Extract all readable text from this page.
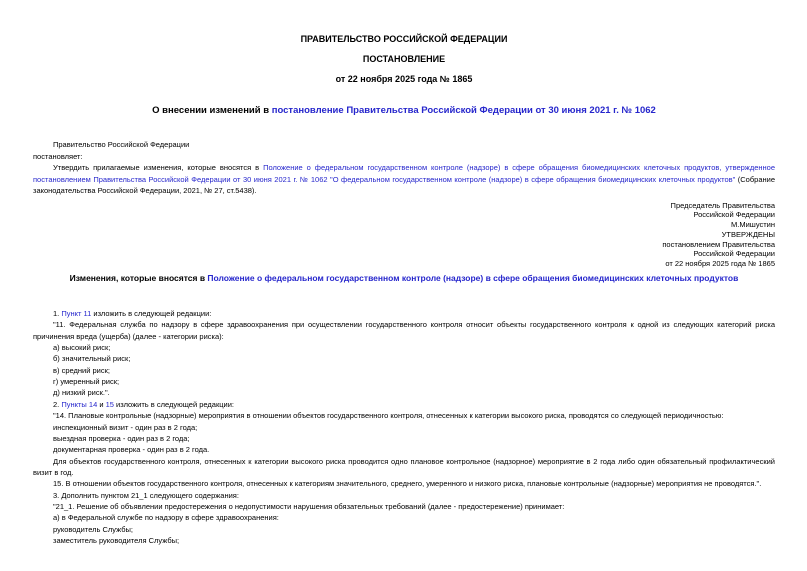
ПРАВИТЕЛЬСТВО РОССИЙСКОЙ ФЕДЕРАЦИИ
ПОСТАНОВЛЕНИЕ
от 22 ноября 2025 года № 1865
О внесении изменений в постановление Правительства Российской Федерации от 30 июня 2021 г. № 1062
Правительство Российской Федерации
постановляет:
Утвердить прилагаемые изменения, которые вносятся в Положение о федеральном государственном контроле (надзоре) в сфере обращения биомедицинских клеточных продуктов, утвержденное постановлением Правительства Российской Федерации от 30 июня 2021 г. № 1062 "О федеральном государственном контроле (надзоре) в сфере обращения биомедицинских клеточных продуктов" (Собрание законодательства Российской Федерации, 2021, № 27, ст.5438).
Председатель Правительства
Российской Федерации
М.Мишустин
УТВЕРЖДЕНЫ
постановлением Правительства
Российской Федерации
от 22 ноября 2025 года № 1865
Изменения, которые вносятся в Положение о федеральном государственном контроле (надзоре) в сфере обращения биомедицинских клеточных продуктов
1. Пункт 11 изложить в следующей редакции:
"11. Федеральная служба по надзору в сфере здравоохранения при осуществлении государственного контроля относит объекты государственного контроля к одной из следующих категорий риска причинения вреда (ущерба) (далее - категории риска):
а) высокий риск;
б) значительный риск;
в) средний риск;
г) умеренный риск;
д) низкий риск.".
2. Пункты 14 и 15 изложить в следующей редакции:
"14. Плановые контрольные (надзорные) мероприятия в отношении объектов государственного контроля, отнесенных к категории высокого риска, проводятся со следующей периодичностью:
инспекционный визит - один раз в 2 года;
выездная проверка - один раз в 2 года;
документарная проверка - один раз в 2 года.
Для объектов государственного контроля, отнесенных к категории высокого риска проводится одно плановое контрольное (надзорное) мероприятие в 2 года либо один обязательный профилактический визит в год.
15. В отношении объектов государственного контроля, отнесенных к категориям значительного, среднего, умеренного и низкого риска, плановые контрольные (надзорные) мероприятия не проводятся.".
3. Дополнить пунктом 21_1 следующего содержания:
"21_1. Решение об объявлении предостережения о недопустимости нарушения обязательных требований (далее - предостережение) принимает:
а) в Федеральной службе по надзору в сфере здравоохранения:
руководитель Службы;
заместитель руководителя Службы;
